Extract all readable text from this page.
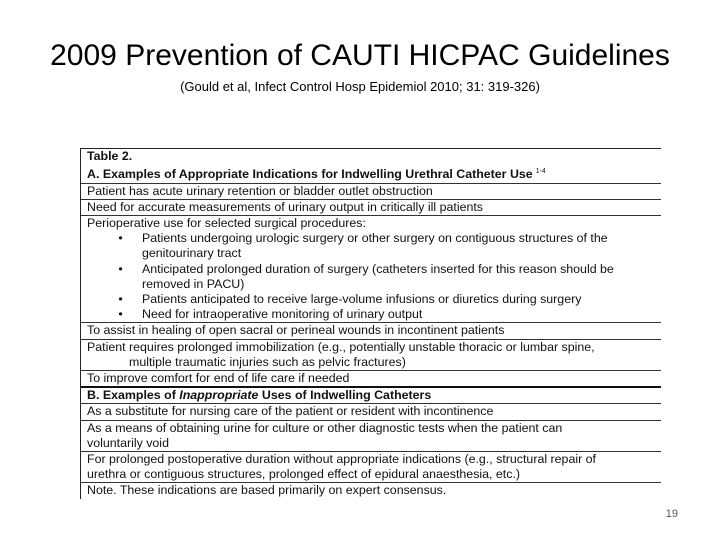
2009 Prevention of CAUTI HICPAC Guidelines
(Gould et al, Infect Control Hosp Epidemiol 2010; 31: 319-326)
Table 2.
A. Examples of Appropriate Indications for Indwelling Urethral Catheter Use $^{1-4}$
Patient has acute urinary retention or bladder outlet obstruction
Need for accurate measurements of urinary output in critically ill patients
Perioperative use for selected surgical procedures:
•	Patients undergoing urologic surgery or other surgery on contiguous structures of the
genitourinary tract
•	Anticipated prolonged duration of surgery (catheters inserted for this reason should be
removed in PACU)
•	Patients anticipated to receive large-volume infusions or diuretics during surgery
•	Need for intraoperative monitoring of urinary output
To assist in healing of open sacral or perineal wounds in incontinent patients
Patient requires prolonged immobilization (e.g., potentially unstable thoracic or lumbar spine,
multiple traumatic injuries such as pelvic fractures)
To improve comfort for end of life care if needed
B. Examples of Inappropriate Uses of Indwelling Catheters
As a substitute for nursing care of the patient or resident with incontinence
As a means of obtaining urine for culture or other diagnostic tests when the patient can
voluntarily void
For prolonged postoperative duration without appropriate indications (e.g., structural repair of
urethra or contiguous structures, prolonged effect of epidural anaesthesia, etc.)
Note. These indications are based primarily on expert consensus.
19
